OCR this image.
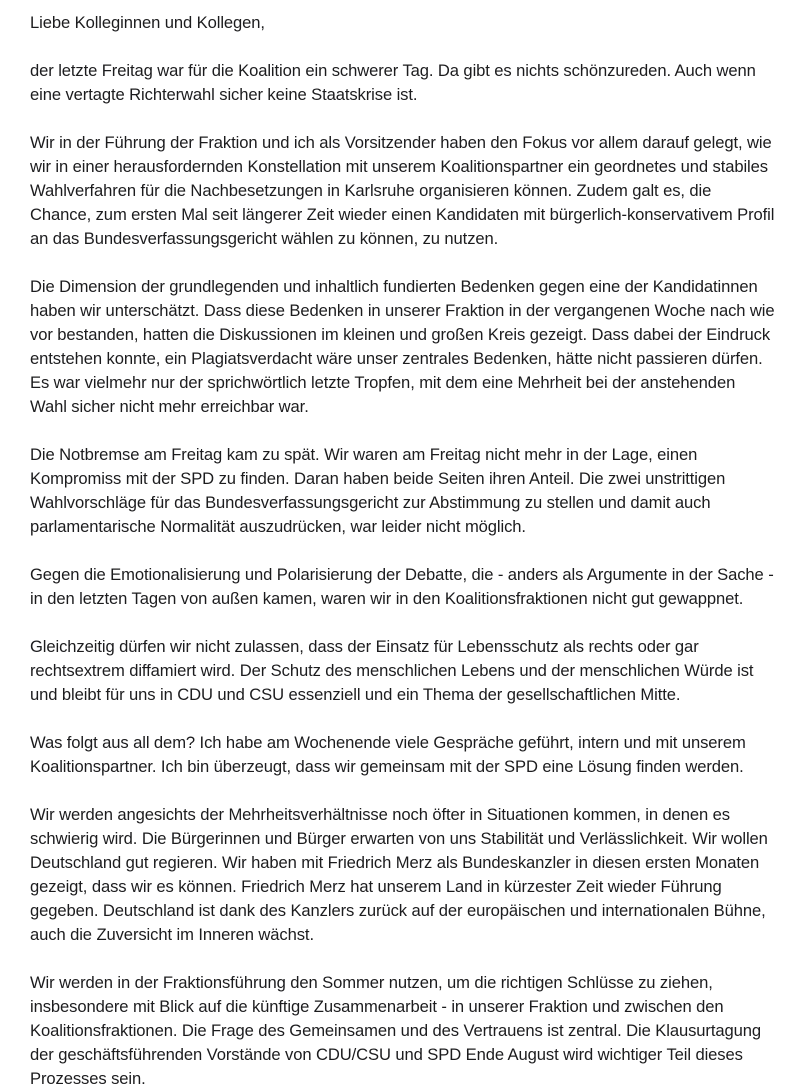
Liebe Kolleginnen und Kollegen,

der letzte Freitag war für die Koalition ein schwerer Tag. Da gibt es nichts schönzureden. Auch wenn eine vertagte Richterwahl sicher keine Staatskrise ist.

Wir in der Führung der Fraktion und ich als Vorsitzender haben den Fokus vor allem darauf gelegt, wie wir in einer herausfordernden Konstellation mit unserem Koalitionspartner ein geordnetes und stabiles Wahlverfahren für die Nachbesetzungen in Karlsruhe organisieren können. Zudem galt es, die Chance, zum ersten Mal seit längerer Zeit wieder einen Kandidaten mit bürgerlich-konservativem Profil an das Bundesverfassungsgericht wählen zu können, zu nutzen.

Die Dimension der grundlegenden und inhaltlich fundierten Bedenken gegen eine der Kandidatinnen haben wir unterschätzt. Dass diese Bedenken in unserer Fraktion in der vergangenen Woche nach wie vor bestanden, hatten die Diskussionen im kleinen und großen Kreis gezeigt. Dass dabei der Eindruck entstehen konnte, ein Plagiatsverdacht wäre unser zentrales Bedenken, hätte nicht passieren dürfen. Es war vielmehr nur der sprichwörtlich letzte Tropfen, mit dem eine Mehrheit bei der anstehenden Wahl sicher nicht mehr erreichbar war.

Die Notbremse am Freitag kam zu spät. Wir waren am Freitag nicht mehr in der Lage, einen Kompromiss mit der SPD zu finden. Daran haben beide Seiten ihren Anteil. Die zwei unstrittigen Wahlvorschläge für das Bundesverfassungsgericht zur Abstimmung zu stellen und damit auch parlamentarische Normalität auszudrücken, war leider nicht möglich.

Gegen die Emotionalisierung und Polarisierung der Debatte, die - anders als Argumente in der Sache - in den letzten Tagen von außen kamen, waren wir in den Koalitionsfraktionen nicht gut gewappnet.

Gleichzeitig dürfen wir nicht zulassen, dass der Einsatz für Lebensschutz als rechts oder gar rechtsextrem diffamiert wird. Der Schutz des menschlichen Lebens und der menschlichen Würde ist und bleibt für uns in CDU und CSU essenziell und ein Thema der gesellschaftlichen Mitte.

Was folgt aus all dem? Ich habe am Wochenende viele Gespräche geführt, intern und mit unserem Koalitionspartner. Ich bin überzeugt, dass wir gemeinsam mit der SPD eine Lösung finden werden.

Wir werden angesichts der Mehrheitsverhältnisse noch öfter in Situationen kommen, in denen es schwierig wird. Die Bürgerinnen und Bürger erwarten von uns Stabilität und Verlässlichkeit. Wir wollen Deutschland gut regieren. Wir haben mit Friedrich Merz als Bundeskanzler in diesen ersten Monaten gezeigt, dass wir es können. Friedrich Merz hat unserem Land in kürzester Zeit wieder Führung gegeben. Deutschland ist dank des Kanzlers zurück auf der europäischen und internationalen Bühne, auch die Zuversicht im Inneren wächst.

Wir werden in der Fraktionsführung den Sommer nutzen, um die richtigen Schlüsse zu ziehen, insbesondere mit Blick auf die künftige Zusammenarbeit - in unserer Fraktion und zwischen den Koalitionsfraktionen. Die Frage des Gemeinsamen und des Vertrauens ist zentral. Die Klausurtagung der geschäftsführenden Vorstände von CDU/CSU und SPD Ende August wird wichtiger Teil dieses Prozesses sein.
